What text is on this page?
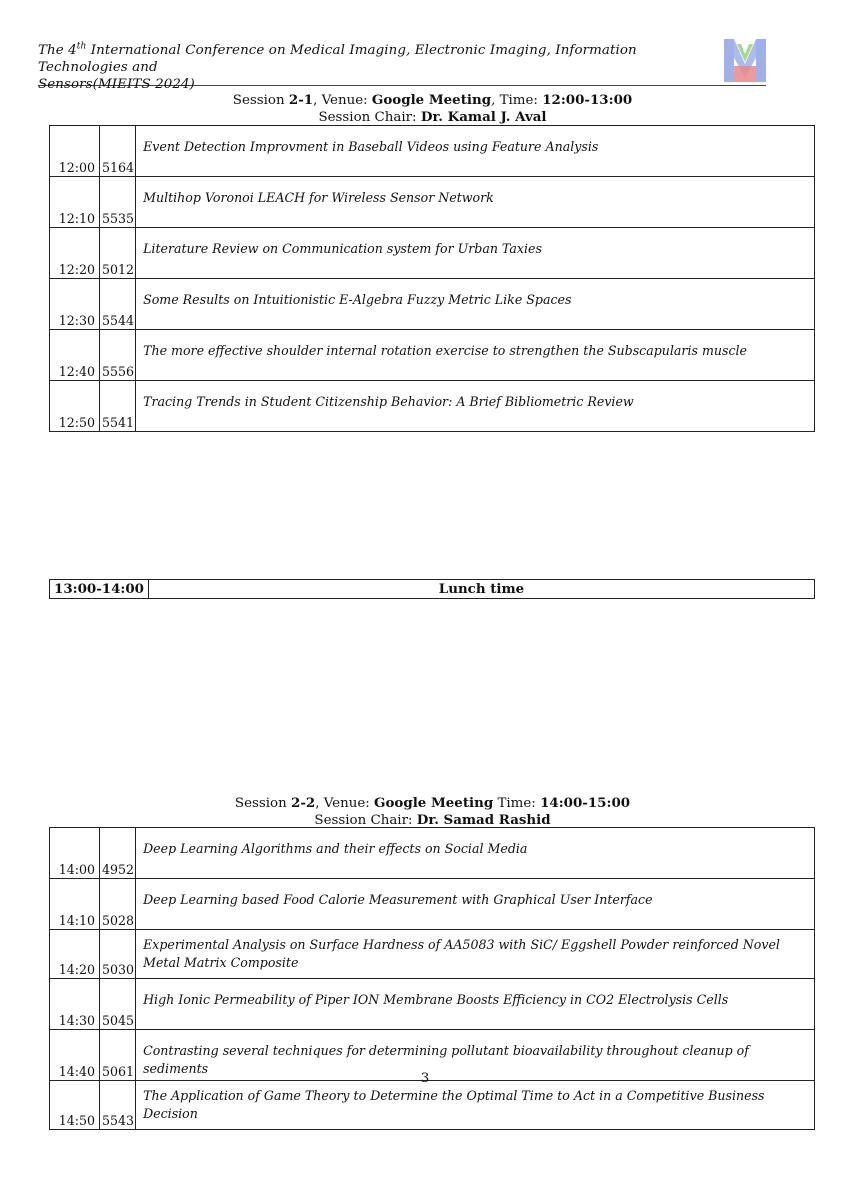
The 4th International Conference on Medical Imaging, Electronic Imaging, Information Technologies and
Sensors(MIEITS 2024)
Session 2-1, Venue: Google Meeting, Time: 12:00-13:00
Session Chair: Dr. Kamal J. Aval
12:00	5164	Event Detection Improvment in Baseball Videos using Feature Analysis
12:10	5535	Multihop Voronoi LEACH for Wireless Sensor Network
12:20	5012	Literature Review on Communication system for Urban Taxies
12:30	5544	Some Results on Intuitionistic E-Algebra Fuzzy Metric Like Spaces
12:40	5556	The more effective shoulder internal rotation exercise to strengthen the Subscapularis muscle
12:50	5541	Tracing Trends in Student Citizenship Behavior: A Brief Bibliometric Review
13:00-14:00	Lunch time
Session 2-2, Venue: Google Meeting Time: 14:00-15:00
Session Chair: Dr. Samad Rashid
14:00	4952	Deep Learning Algorithms and their effects on Social Media
14:10	5028	Deep Learning based Food Calorie Measurement with Graphical User Interface
14:20	5030	Experimental Analysis on Surface Hardness of AA5083 with SiC/ Eggshell Powder reinforced Novel Metal Matrix Composite
14:30	5045	High Ionic Permeability of Piper ION Membrane Boosts Efficiency in CO2 Electrolysis Cells
14:40	5061	Contrasting several techniques for determining pollutant bioavailability throughout cleanup of sediments
14:50	5543	The Application of Game Theory to Determine the Optimal Time to Act in a Competitive Business Decision
3
